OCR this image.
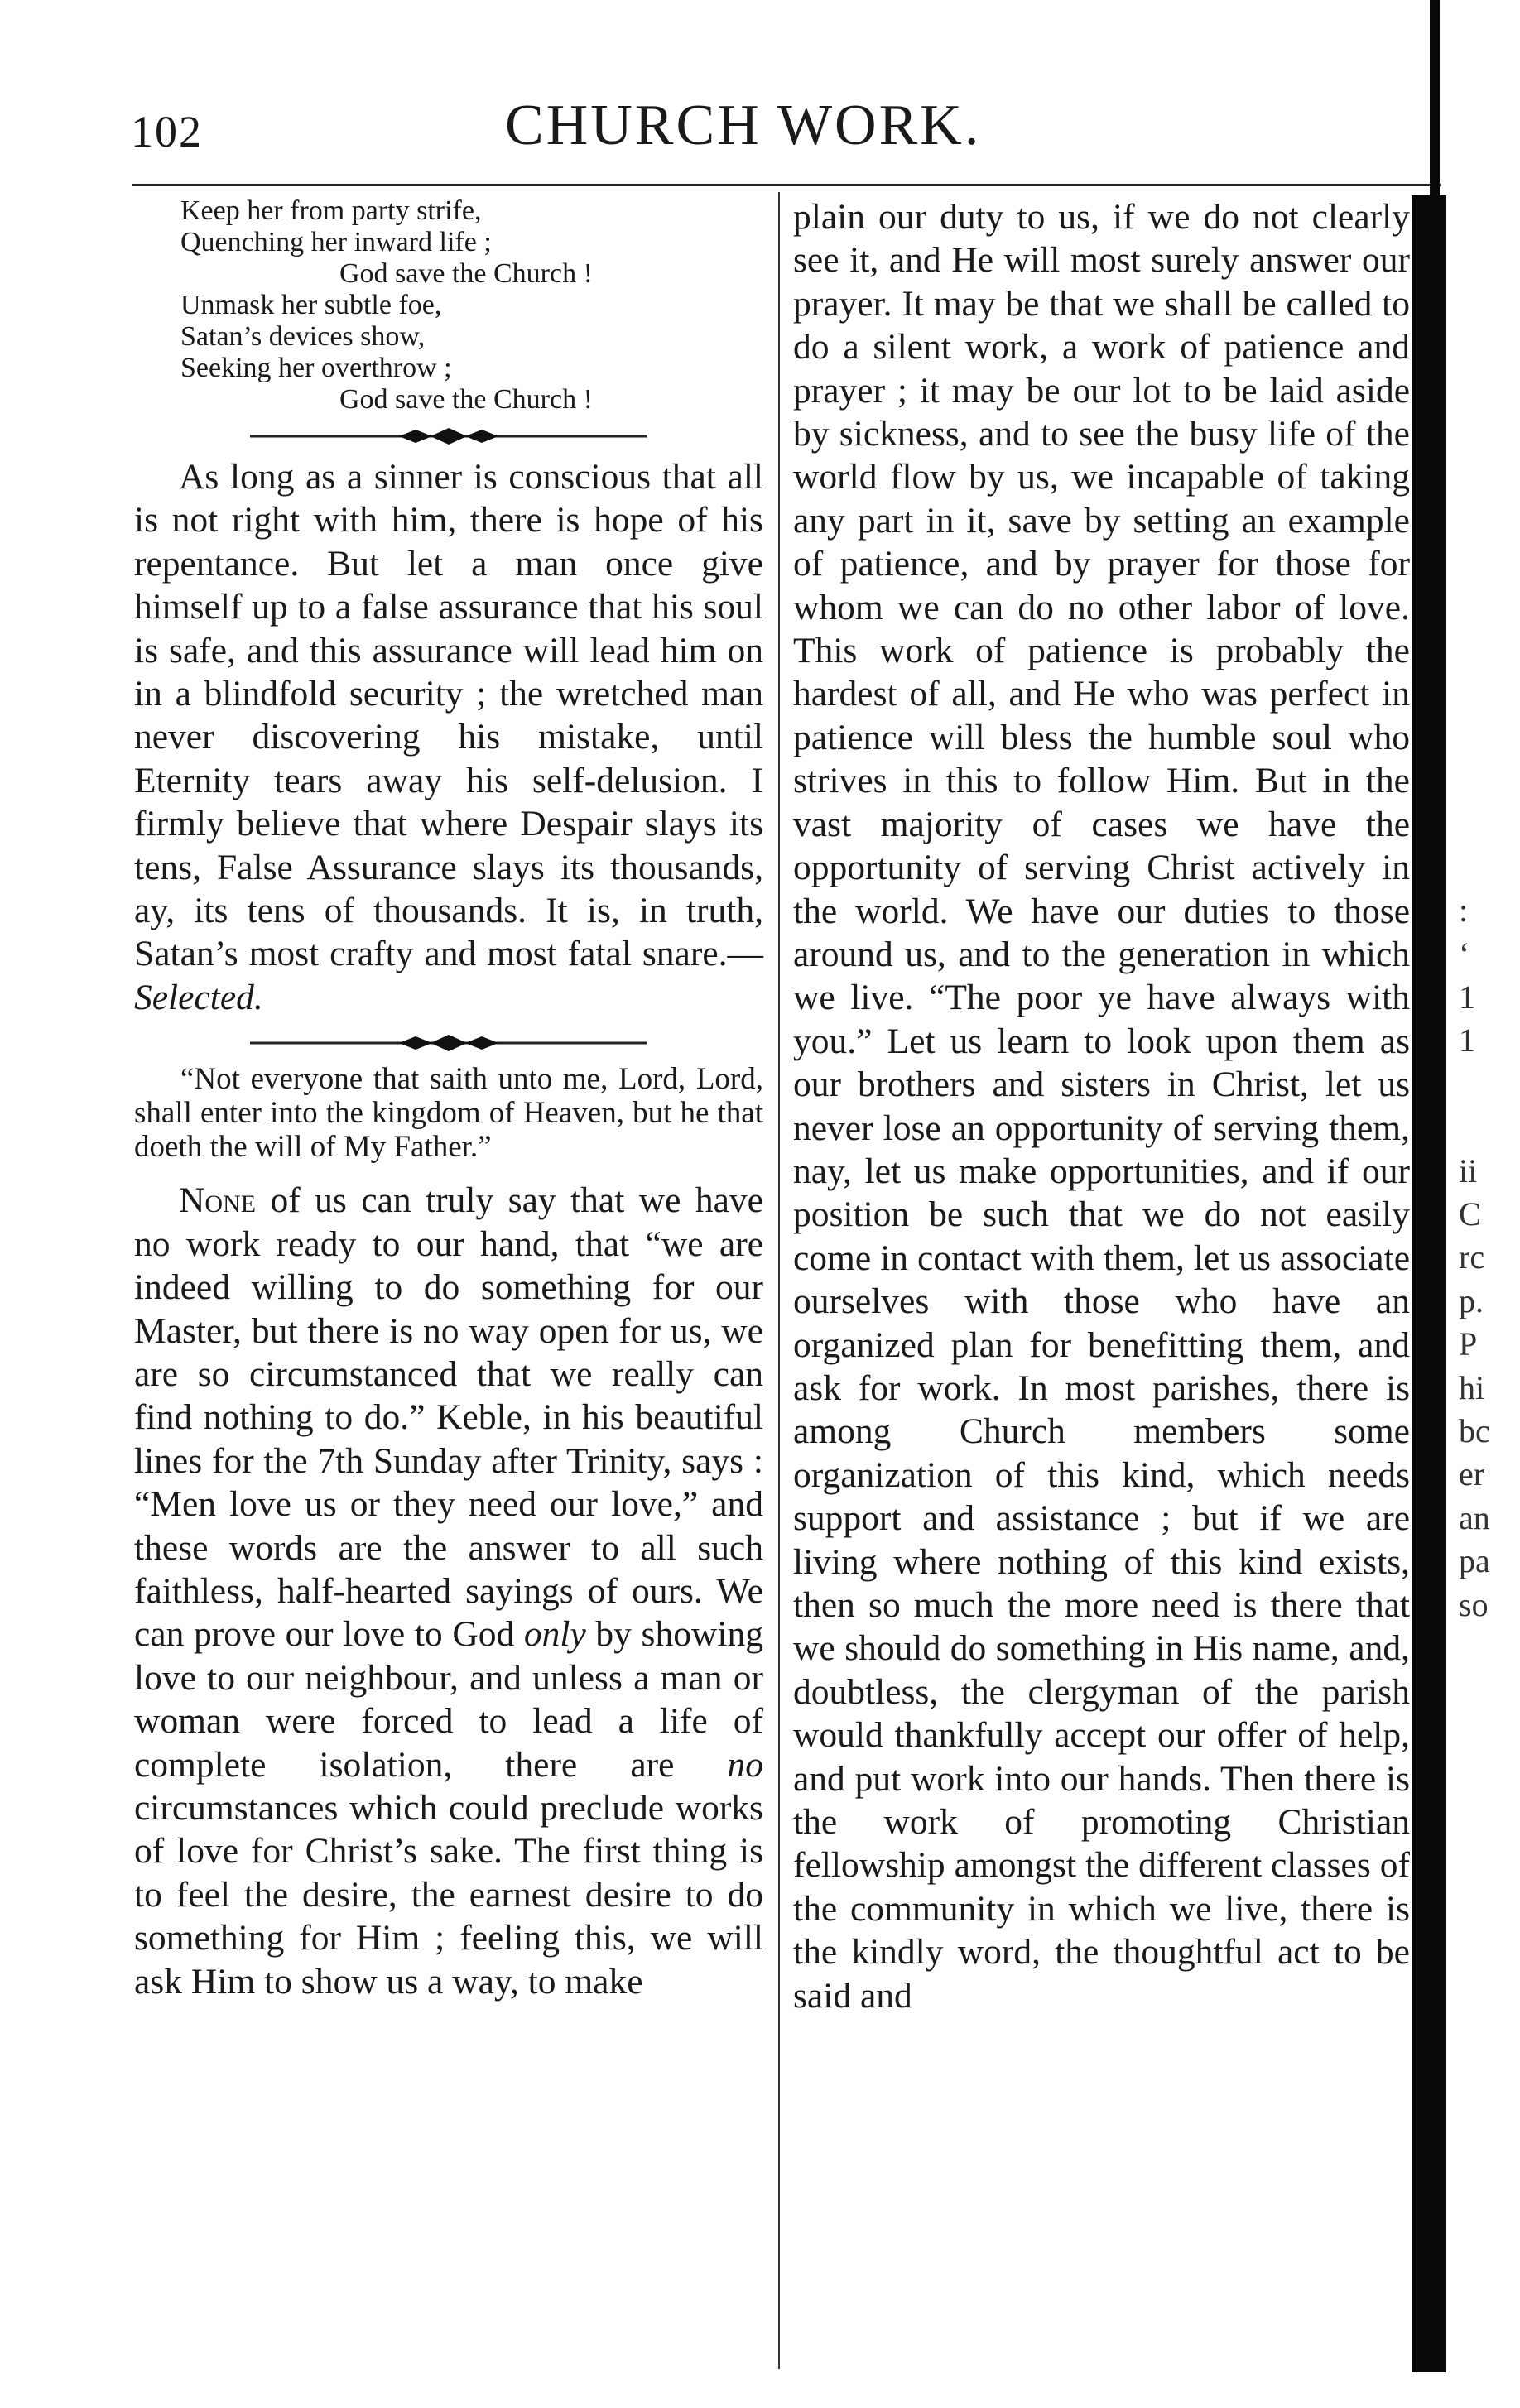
102	CHURCH WORK.
Keep her from party strife,
Quenching her inward life ;
God save the Church !
Unmask her subtle foe,
Satan’s devices show,
Seeking her overthrow ;
God save the Church !

As long as a sinner is conscious that all is not right with him, there is hope of his repentance. But let a man once give himself up to a false assurance that his soul is safe, and this assurance will lead him on in a blindfold security ; the wretched man never discovering his mistake, until Eternity tears away his self-delusion. I firmly believe that where Despair slays its tens, False Assurance slays its thousands, ay, its tens of thousands. It is, in truth, Satan’s most crafty and most fatal snare.—Selected.

“Not everyone that saith unto me, Lord, Lord, shall enter into the kingdom of Heaven, but he that doeth the will of My Father.”

None of us can truly say that we have no work ready to our hand, that “we are indeed willing to do something for our Master, but there is no way open for us, we are so circumstanced that we really can find nothing to do.” Keble, in his beautiful lines for the 7th Sunday after Trinity, says : “Men love us or they need our love,” and these words are the answer to all such faithless, half-hearted sayings of ours. We can prove our love to God only by showing love to our neighbour, and unless a man or woman were forced to lead a life of complete isolation, there are no circumstances which could preclude works of love for Christ’s sake. The first thing is to feel the desire, the earnest desire to do something for Him ; feeling this, we will ask Him to show us a way, to make

plain our duty to us, if we do not clearly see it, and He will most surely answer our prayer. It may be that we shall be called to do a silent work, a work of patience and prayer ; it may be our lot to be laid aside by sickness, and to see the busy life of the world flow by us, we incapable of taking any part in it, save by setting an example of patience, and by prayer for those for whom we can do no other labor of love. This work of patience is probably the hardest of all, and He who was perfect in patience will bless the humble soul who strives in this to follow Him. But in the vast majority of cases we have the opportunity of serving Christ actively in the world. We have our duties to those around us, and to the generation in which we live. “The poor ye have always with you.” Let us learn to look upon them as our brothers and sisters in Christ, let us never lose an opportunity of serving them, nay, let us make opportunities, and if our position be such that we do not easily come in contact with them, let us associate ourselves with those who have an organized plan for benefitting them, and ask for work. In most parishes, there is among Church members some organization of this kind, which needs support and assistance ; but if we are living where nothing of this kind exists, then so much the more need is there that we should do something in His name, and, doubtless, the clergyman of the parish would thankfully accept our offer of help, and put work into our hands. Then there is the work of promoting Christian fellowship amongst the different classes of the community in which we live, there is the kindly word, the thoughtful act to be said and

:
‘
1
1

ii
C
rc
p.
P
hi
bc
er
an
pa
so
